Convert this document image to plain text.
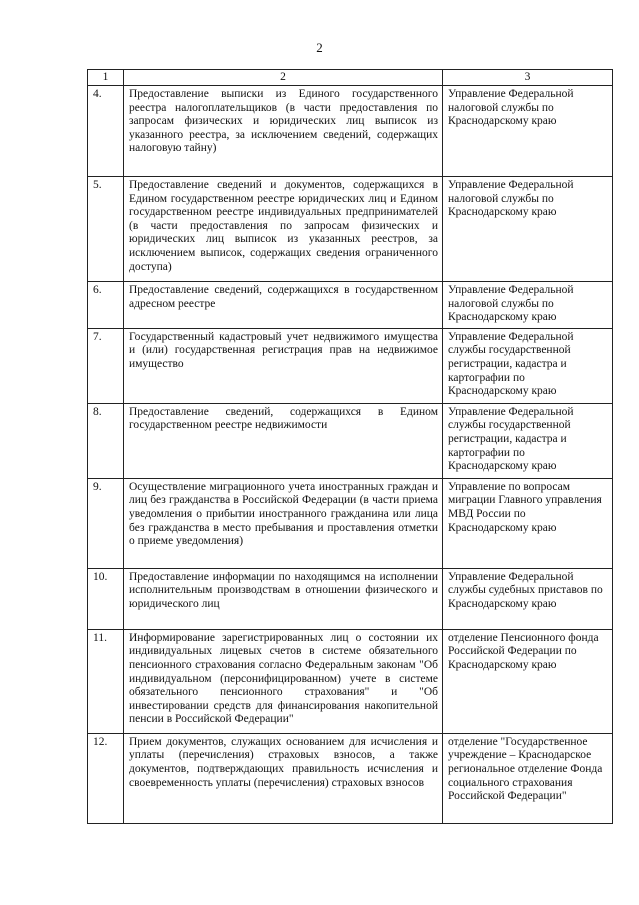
2
1	2	3
4.	Предоставление выписки из Единого государственного реестра налогоплательщиков (в части предоставления по запросам физических и юридических лиц выписок из указанного реестра, за исключением сведений, содержащих налоговую тайну)	Управление Федеральной налоговой службы по Краснодарскому краю
5.	Предоставление сведений и документов, содержащихся в Едином государственном реестре юридических лиц и Едином государственном реестре индивидуальных предпринимателей (в части предоставления по запросам физических и юридических лиц выписок из указанных реестров, за исключением выписок, содержащих сведения ограниченного доступа)	Управление Федеральной налоговой службы по Краснодарскому краю
6.	Предоставление сведений, содержащихся в государственном адресном реестре	Управление Федеральной налоговой службы по Краснодарскому краю
7.	Государственный кадастровый учет недвижимого имущества и (или) государственная регистрация прав на недвижимое имущество	Управление Федеральной службы государственной регистрации, кадастра и картографии по Краснодарскому краю
8.	Предоставление сведений, содержащихся в Едином государственном реестре недвижимости	Управление Федеральной службы государственной регистрации, кадастра и картографии по Краснодарскому краю
9.	Осуществление миграционного учета иностранных граждан и лиц без гражданства в Российской Федерации (в части приема уведомления о прибытии иностранного гражданина или лица без гражданства в место пребывания и проставления отметки о приеме уведомления)	Управление по вопросам миграции Главного управления МВД России по Краснодарскому краю
10.	Предоставление информации по находящимся на исполнении исполнительным производствам в отношении физического и юридического лиц	Управление Федеральной службы судебных приставов по Краснодарскому краю
11.	Информирование зарегистрированных лиц о состоянии их индивидуальных лицевых счетов в системе обязательного пенсионного страхования согласно Федеральным законам "Об индивидуальном (персонифицированном) учете в системе обязательного пенсионного страхования" и "Об инвестировании средств для финансирования накопительной пенсии в Российской Федерации"	отделение Пенсионного фонда Российской Федерации по Краснодарскому краю
12.	Прием документов, служащих основанием для исчисления и уплаты (перечисления) страховых взносов, а также документов, подтверждающих правильность исчисления и своевременность уплаты (перечисления) страховых взносов	отделение "Государственное учреждение – Краснодарское региональное отделение Фонда социального страхования Российской Федерации"
